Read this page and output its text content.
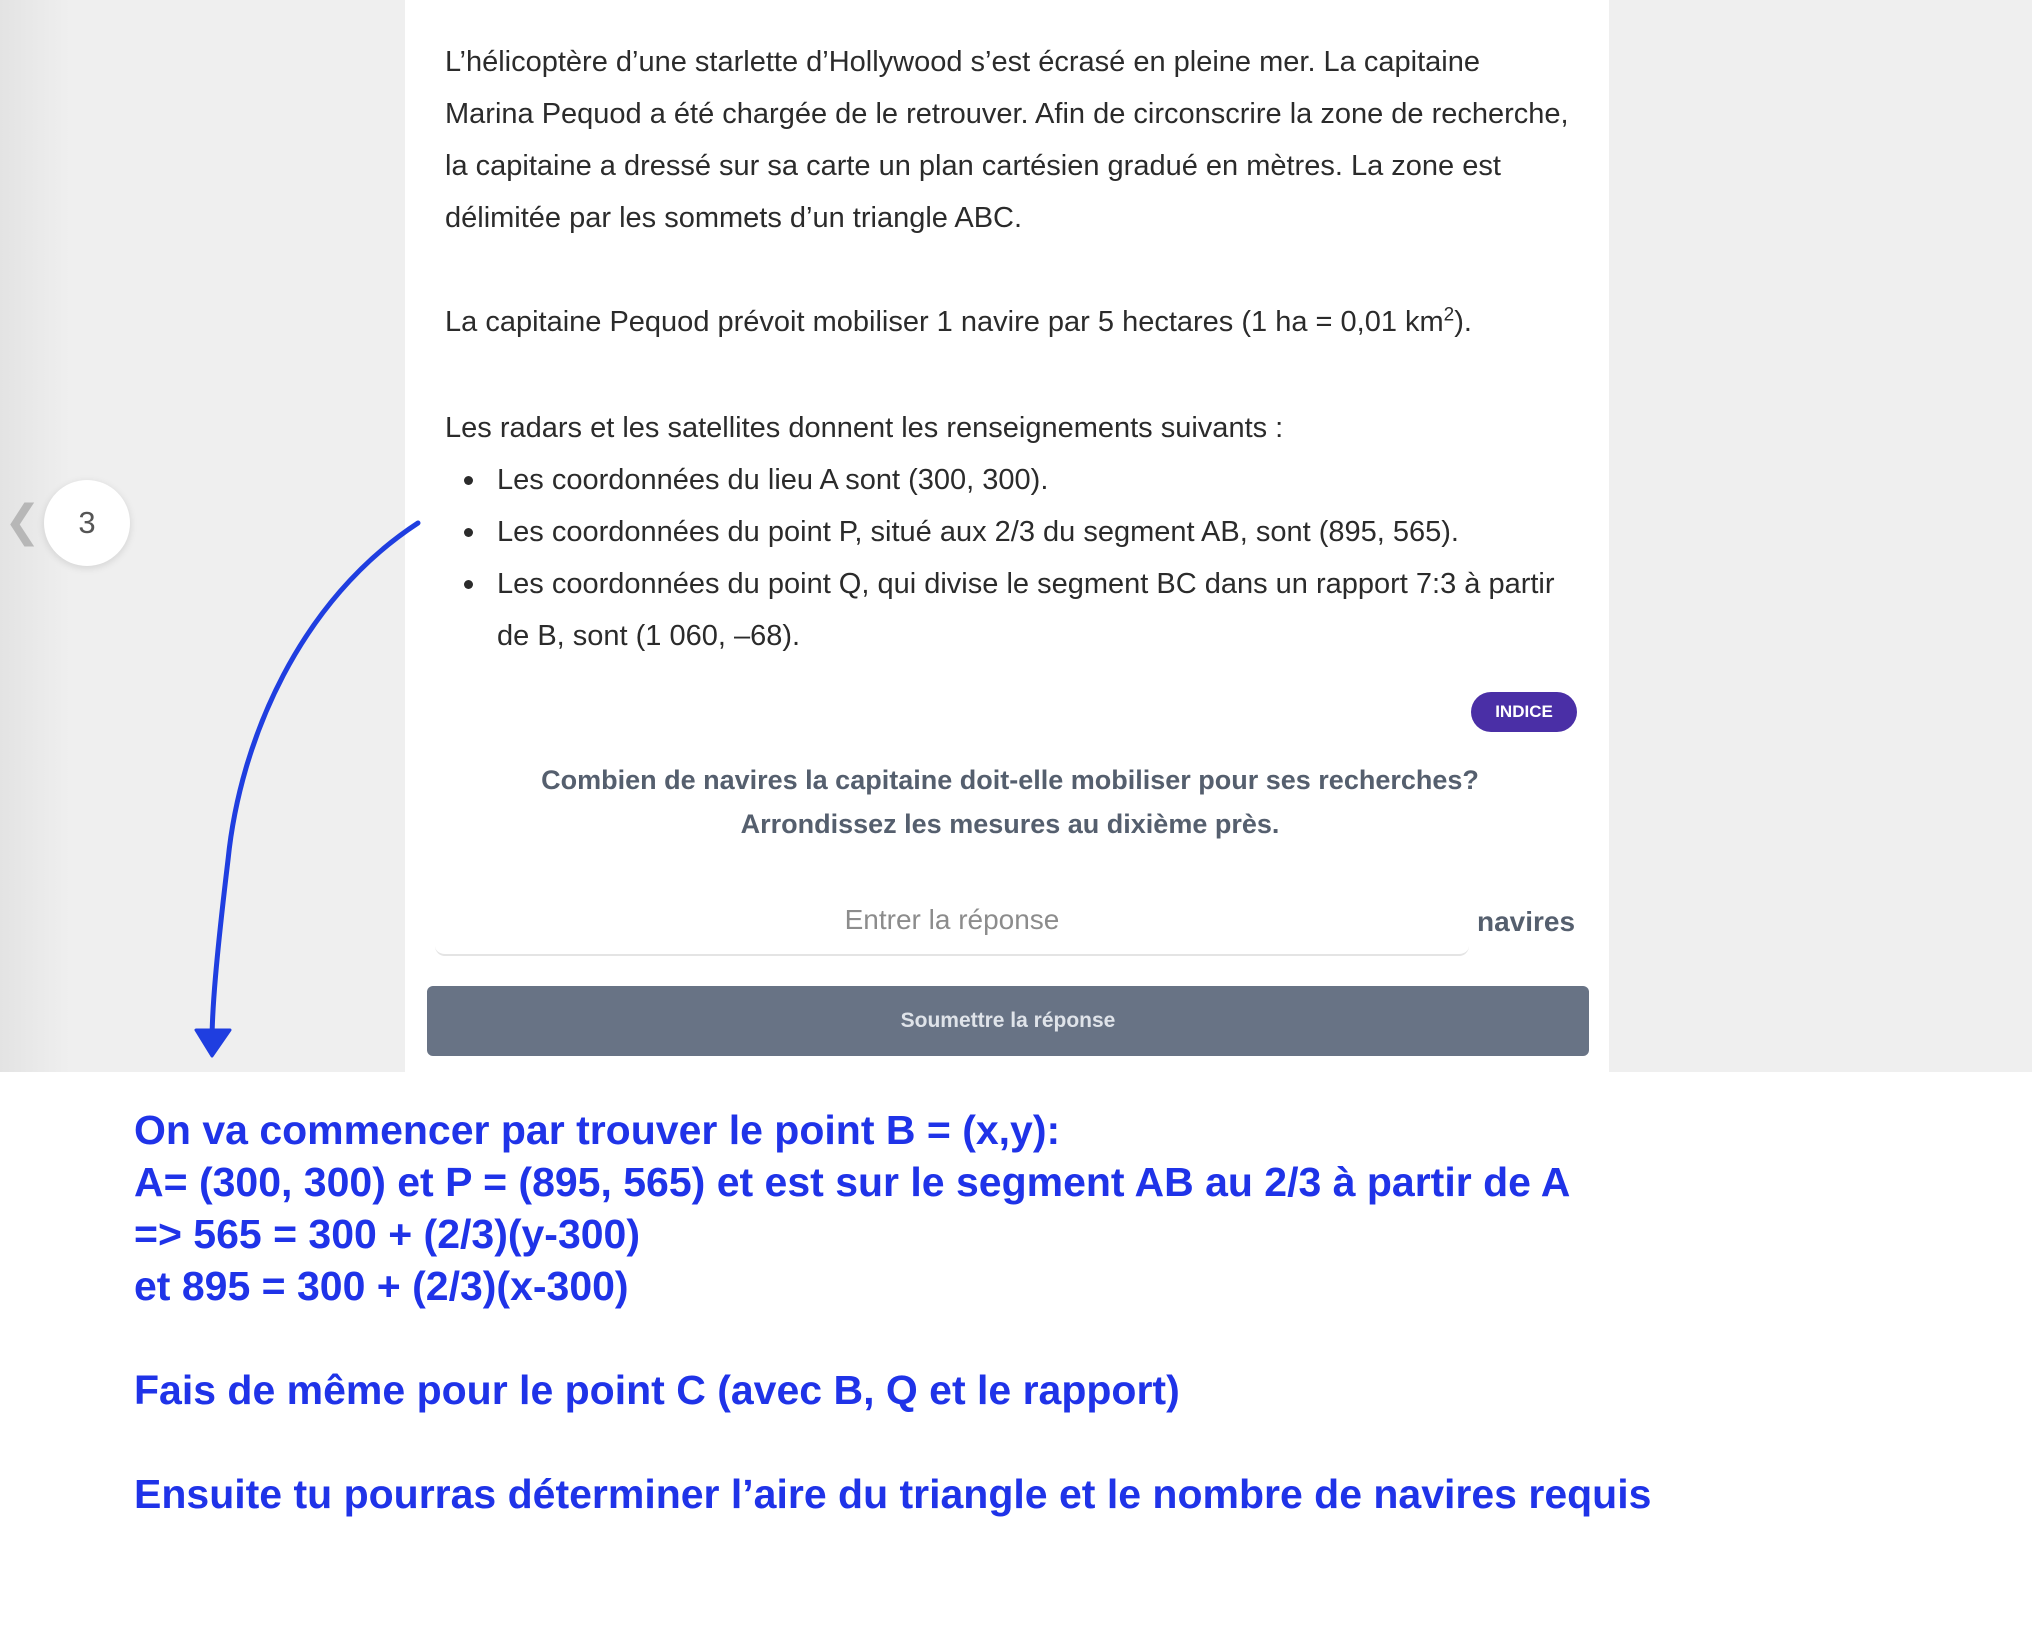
L’hélicoptère d’une starlette d’Hollywood s’est écrasé en pleine mer. La capitaine Marina Pequod a été chargée de le retrouver. Afin de circonscrire la zone de recherche, la capitaine a dressé sur sa carte un plan cartésien gradué en mètres. La zone est délimitée par les sommets d’un triangle ABC.

La capitaine Pequod prévoit mobiliser 1 navire par 5 hectares (1 ha = 0,01 $km^2$).

Les radars et les satellites donnent les renseignements suivants :

Les coordonnées du lieu A sont (300, 300).
Les coordonnées du point P, situé aux 2/3 du segment AB, sont (895, 565).
Les coordonnées du point Q, qui divise le segment BC dans un rapport 7:3 à partir de B, sont (1 060, –68).
INDICE

Combien de navires la capitaine doit-elle mobiliser pour ses recherches?

Arrondissez les mesures au dixième près.

Entrer la réponse
navires
Soumettre la réponse
❮	3
On va commencer par trouver le point B = (x,y):
A= (300, 300) et P = (895, 565) et est sur le segment AB au 2/3 à partir de A
=> 565 = 300 + (2/3)(y-300)
et 895 = 300 + (2/3)(x-300)
Fais de même pour le point C (avec B, Q et le rapport)
Ensuite tu pourras déterminer l’aire du triangle et le nombre de navires requis
